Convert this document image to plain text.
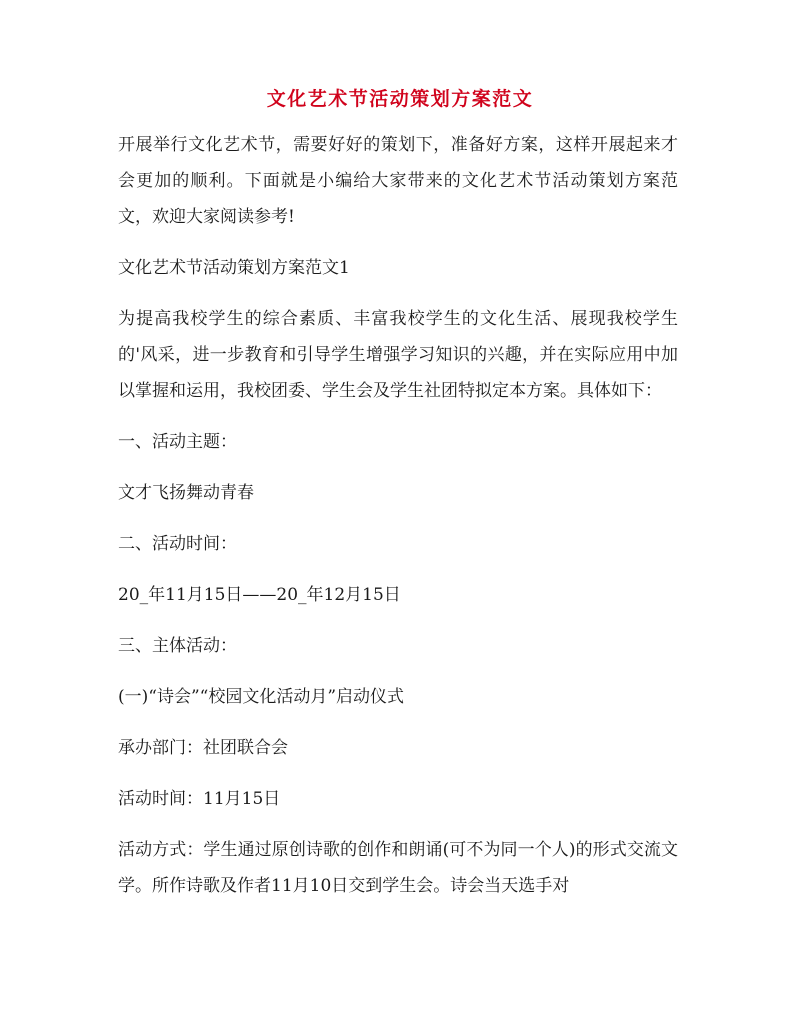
文化艺术节活动策划方案范文

开展举行文化艺术节，需要好好的策划下，准备好方案，这样开展起来才会更加的顺利。下面就是小编给大家带来的文化艺术节活动策划方案范文，欢迎大家阅读参考!

文化艺术节活动策划方案范文1

为提高我校学生的综合素质、丰富我校学生的文化生活、展现我校学生的'风采，进一步教育和引导学生增强学习知识的兴趣，并在实际应用中加以掌握和运用，我校团委、学生会及学生社团特拟定本方案。具体如下：

一、活动主题：

文才飞扬舞动青春

二、活动时间：

20_年11月15日——20_年12月15日

三、主体活动：

(一)“诗会”“校园文化活动月”启动仪式

承办部门：社团联合会

活动时间：11月15日

活动方式：学生通过原创诗歌的创作和朗诵(可不为同一个人)的形式交流文学。所作诗歌及作者11月10日交到学生会。诗会当天选手对
